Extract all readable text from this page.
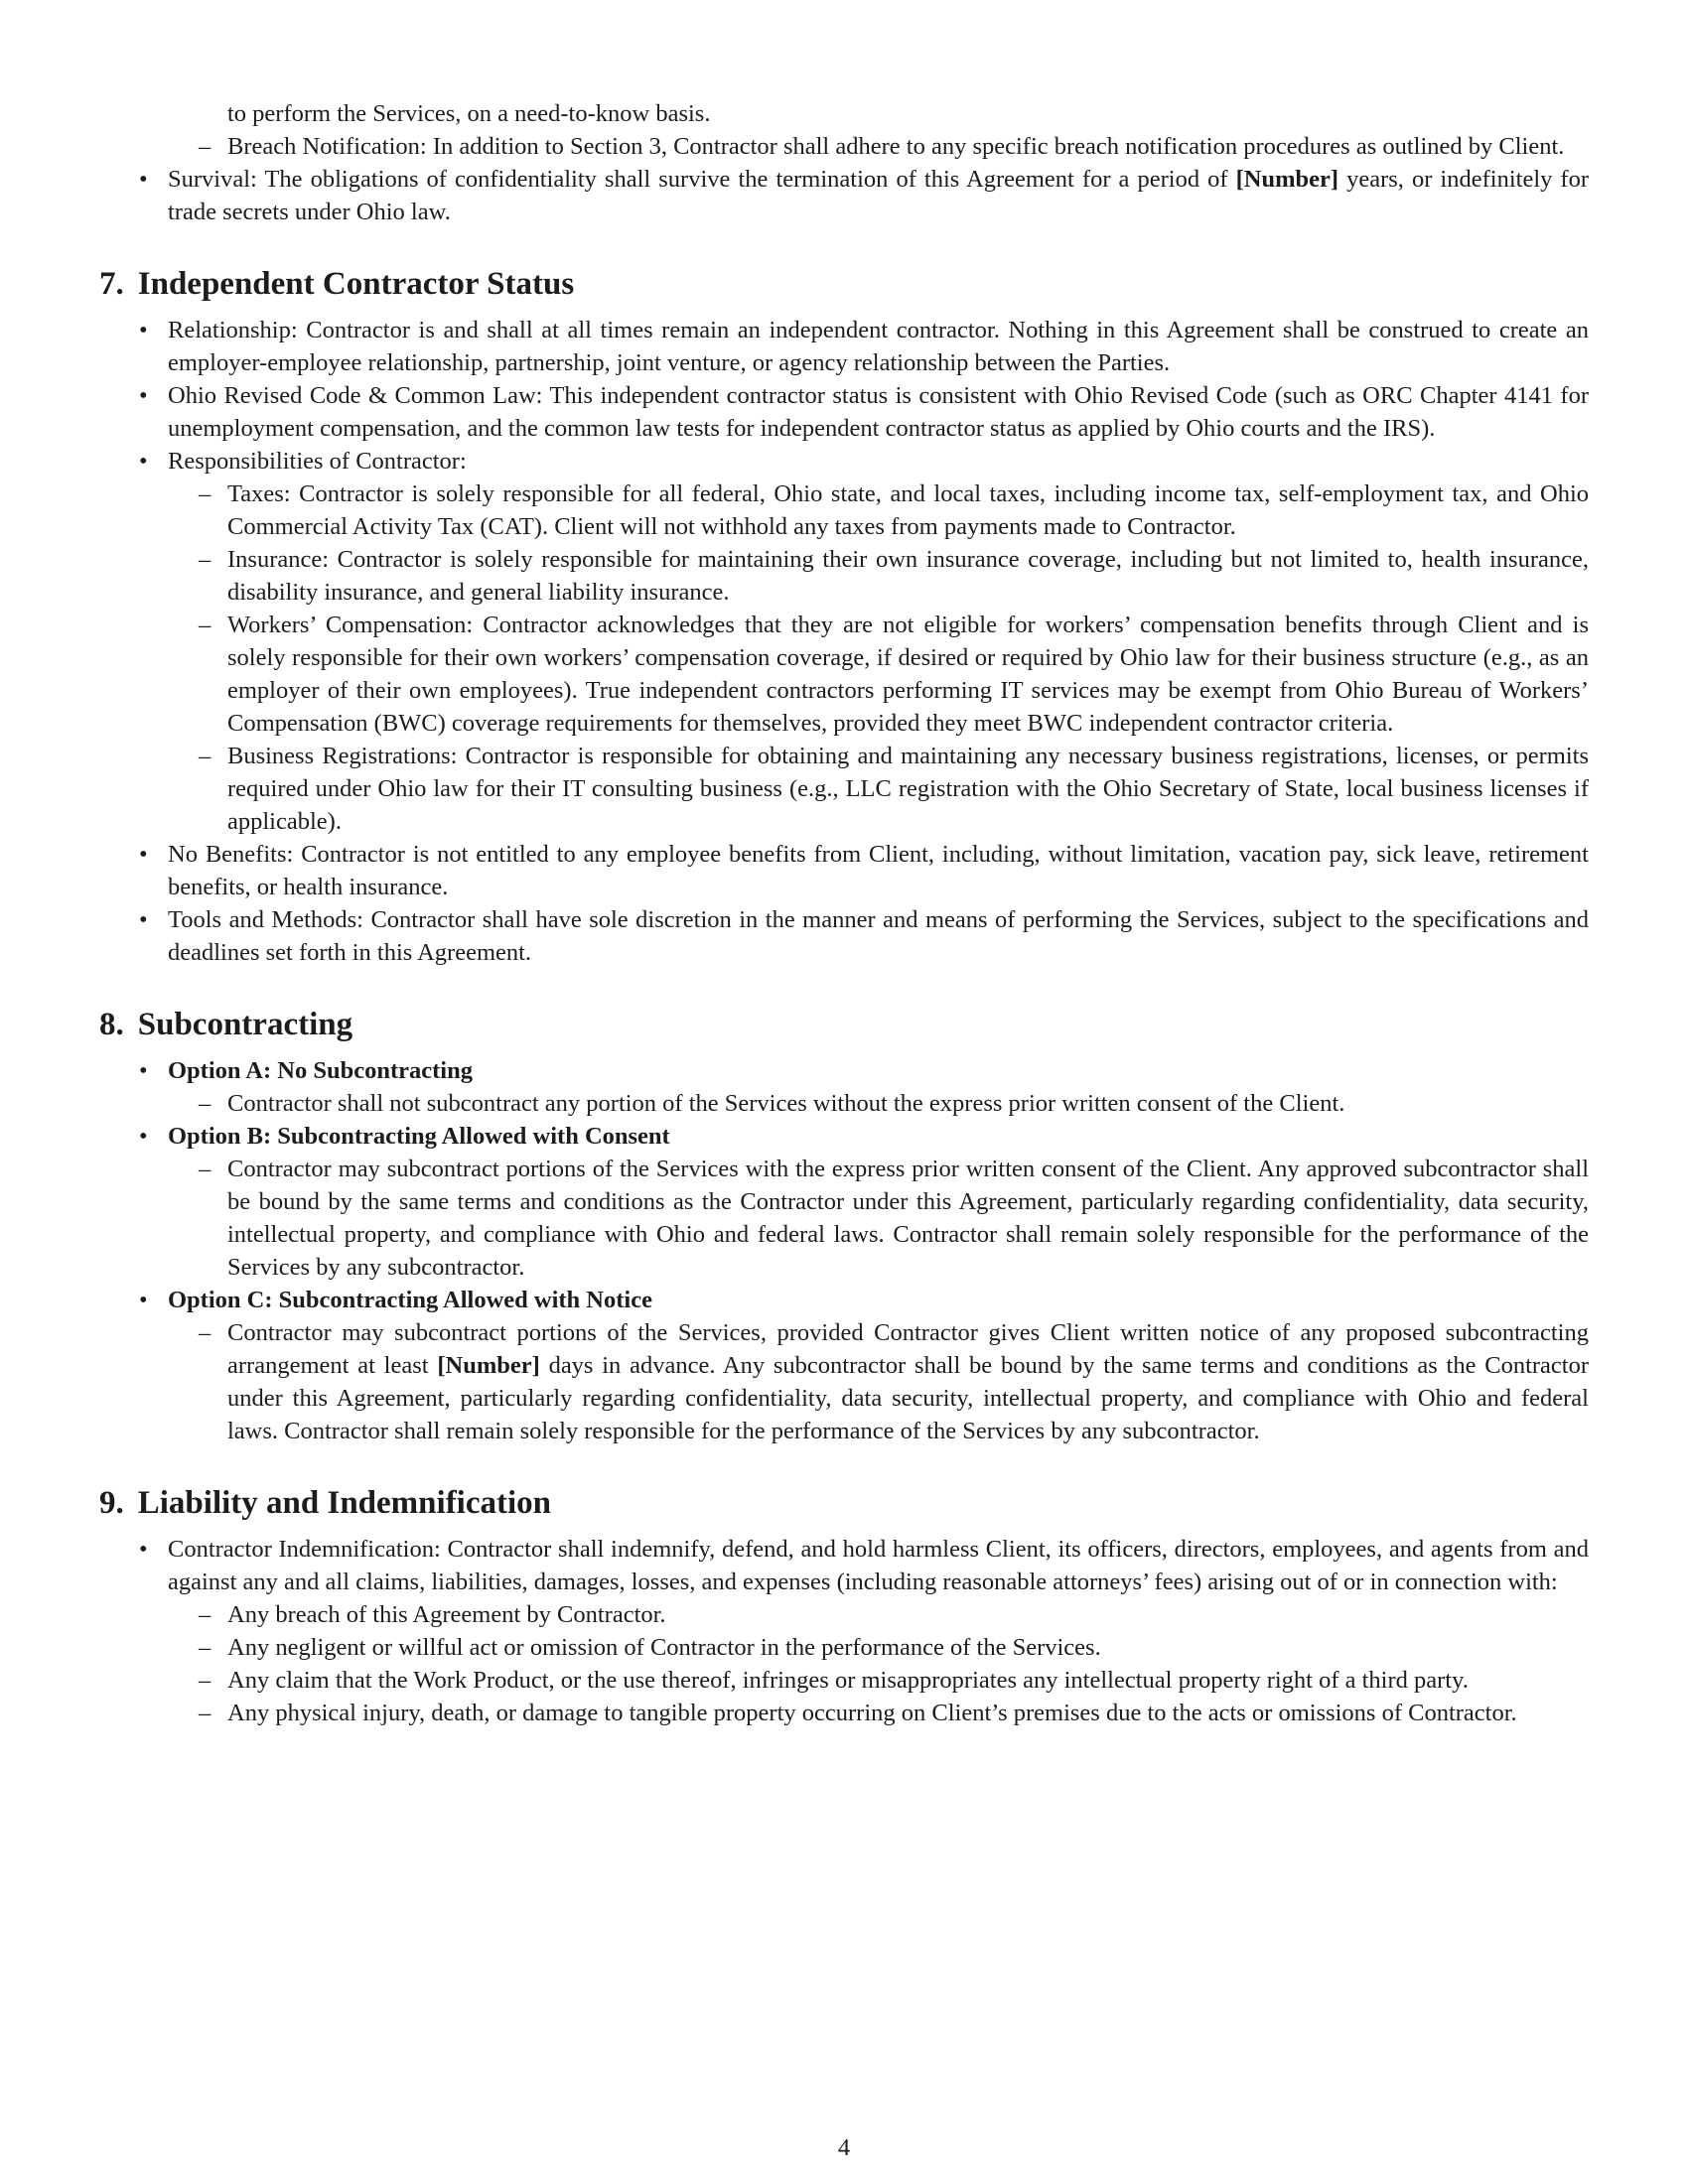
to perform the Services, on a need-to-know basis.

– Breach Notification: In addition to Section 3, Contractor shall adhere to any specific breach notification procedures as outlined by Client.
• Survival: The obligations of confidentiality shall survive the termination of this Agreement for a period of [Number] years, or indefinitely for trade secrets under Ohio law.
7. Independent Contractor Status
• Relationship: Contractor is and shall at all times remain an independent contractor. Nothing in this Agreement shall be construed to create an employer-employee relationship, partnership, joint venture, or agency relationship between the Parties.
• Ohio Revised Code & Common Law: This independent contractor status is consistent with Ohio Revised Code (such as ORC Chapter 4141 for unemployment compensation, and the common law tests for independent contractor status as applied by Ohio courts and the IRS).
• Responsibilities of Contractor:
– Taxes: Contractor is solely responsible for all federal, Ohio state, and local taxes, including income tax, self-employment tax, and Ohio Commercial Activity Tax (CAT). Client will not withhold any taxes from payments made to Contractor.
– Insurance: Contractor is solely responsible for maintaining their own insurance coverage, including but not limited to, health insurance, disability insurance, and general liability insurance.
– Workers’ Compensation: Contractor acknowledges that they are not eligible for workers’ compensation benefits through Client and is solely responsible for their own workers’ compensation coverage, if desired or required by Ohio law for their business structure (e.g., as an employer of their own employees). True independent contractors performing IT services may be exempt from Ohio Bureau of Workers’ Compensation (BWC) coverage requirements for themselves, provided they meet BWC independent contractor criteria.
– Business Registrations: Contractor is responsible for obtaining and maintaining any necessary business registrations, licenses, or permits required under Ohio law for their IT consulting business (e.g., LLC registration with the Ohio Secretary of State, local business licenses if applicable).
• No Benefits: Contractor is not entitled to any employee benefits from Client, including, without limitation, vacation pay, sick leave, retirement benefits, or health insurance.
• Tools and Methods: Contractor shall have sole discretion in the manner and means of performing the Services, subject to the specifications and deadlines set forth in this Agreement.
8. Subcontracting
• Option A: No Subcontracting
– Contractor shall not subcontract any portion of the Services without the express prior written consent of the Client.
• Option B: Subcontracting Allowed with Consent
– Contractor may subcontract portions of the Services with the express prior written consent of the Client. Any approved subcontractor shall be bound by the same terms and conditions as the Contractor under this Agreement, particularly regarding confidentiality, data security, intellectual property, and compliance with Ohio and federal laws. Contractor shall remain solely responsible for the performance of the Services by any subcontractor.
• Option C: Subcontracting Allowed with Notice
– Contractor may subcontract portions of the Services, provided Contractor gives Client written notice of any proposed subcontracting arrangement at least [Number] days in advance. Any subcontractor shall be bound by the same terms and conditions as the Contractor under this Agreement, particularly regarding confidentiality, data security, intellectual property, and compliance with Ohio and federal laws. Contractor shall remain solely responsible for the performance of the Services by any subcontractor.
9. Liability and Indemnification
• Contractor Indemnification: Contractor shall indemnify, defend, and hold harmless Client, its officers, directors, employees, and agents from and against any and all claims, liabilities, damages, losses, and expenses (including reasonable attorneys’ fees) arising out of or in connection with:
– Any breach of this Agreement by Contractor.
– Any negligent or willful act or omission of Contractor in the performance of the Services.
– Any claim that the Work Product, or the use thereof, infringes or misappropriates any intellectual property right of a third party.
– Any physical injury, death, or damage to tangible property occurring on Client’s premises due to the acts or omissions of Contractor.
4
